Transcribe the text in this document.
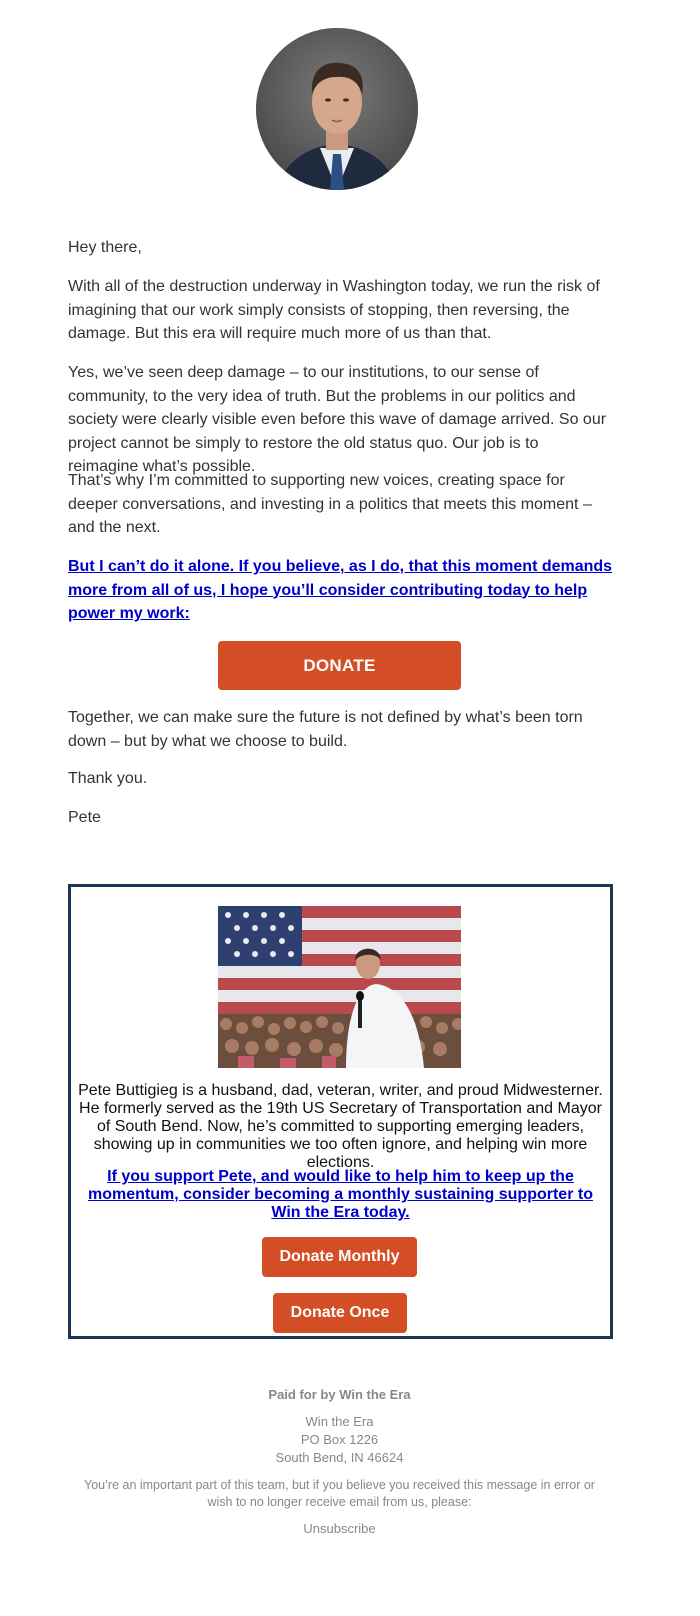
Hey there,

With all of the destruction underway in Washington today, we run the risk of imagining that our work simply consists of stopping, then reversing, the damage. But this era will require much more of us than that.

Yes, we’ve seen deep damage – to our institutions, to our sense of community, to the very idea of truth. But the problems in our politics and society were clearly visible even before this wave of damage arrived. So our project cannot be simply to restore the old status quo. Our job is to reimagine what’s possible.

That’s why I’m committed to supporting new voices, creating space for deeper conversations, and investing in a politics that meets this moment – and the next.

But I can’t do it alone. If you believe, as I do, that this moment demands more from all of us, I hope you’ll consider contributing today to help power my work:

DONATE

Together, we can make sure the future is not defined by what’s been torn down – but by what we choose to build.

Thank you.

Pete

Pete Buttigieg is a husband, dad, veteran, writer, and proud Midwesterner. He formerly served as the 19th US Secretary of Transportation and Mayor of South Bend. Now, he’s committed to supporting emerging leaders, showing up in communities we too often ignore, and helping win more elections.

If you support Pete, and would like to help him to keep up the momentum, consider becoming a monthly sustaining supporter to Win the Era today.

Donate Monthly
Donate Once

Paid for by Win the Era

Win the Era

PO Box 1226

South Bend, IN 46624

You’re an important part of this team, but if you believe you received this message in error or wish to no longer receive email from us, please:

Unsubscribe
